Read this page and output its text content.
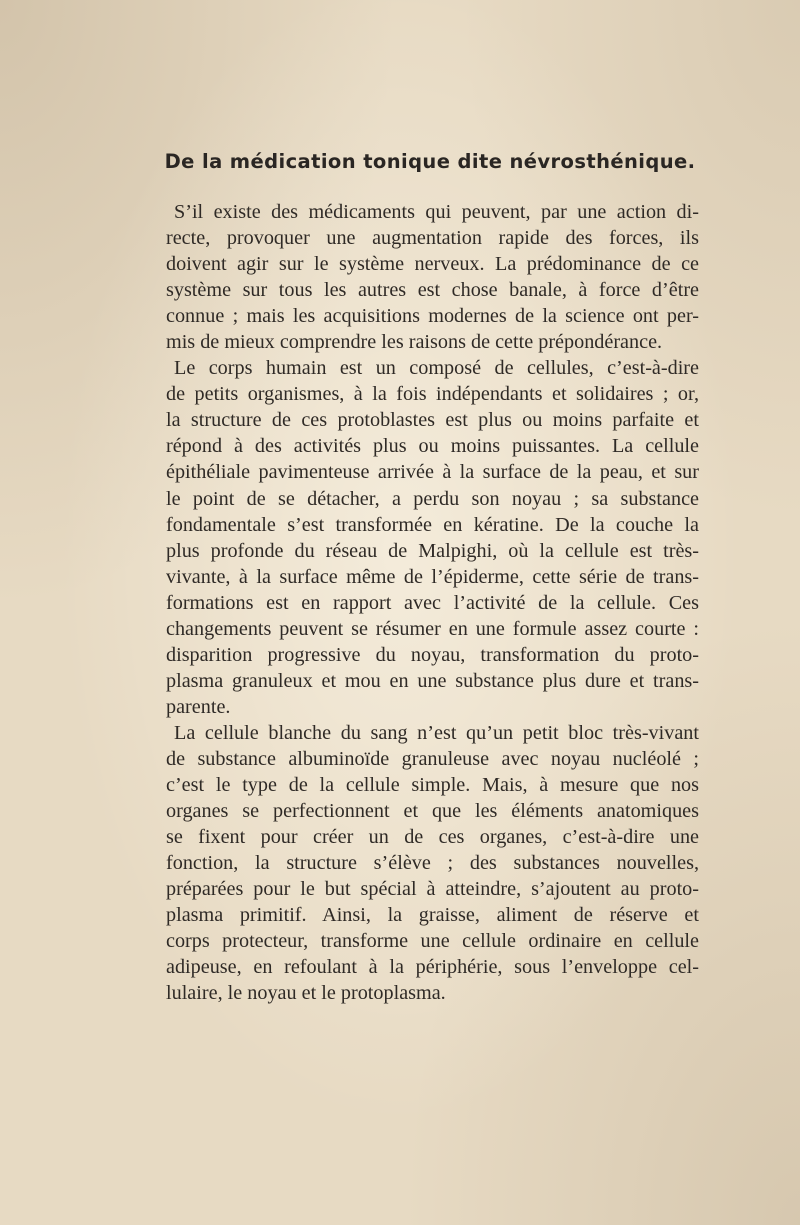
De la médication tonique dite névrosthénique.
S’il existe des médicaments qui peuvent, par une action di-
recte, provoquer une augmentation rapide des forces, ils
doivent agir sur le système nerveux. La prédominance de ce
système sur tous les autres est chose banale, à force d’être
connue ; mais les acquisitions modernes de la science ont per-
mis de mieux comprendre les raisons de cette prépondérance.
Le corps humain est un composé de cellules, c’est-à-dire
de petits organismes, à la fois indépendants et solidaires ; or,
la structure de ces protoblastes est plus ou moins parfaite et
répond à des activités plus ou moins puissantes. La cellule
épithéliale pavimenteuse arrivée à la surface de la peau, et sur
le point de se détacher, a perdu son noyau ; sa substance
fondamentale s’est transformée en kératine. De la couche la
plus profonde du réseau de Malpighi, où la cellule est très-
vivante, à la surface même de l’épiderme, cette série de trans-
formations est en rapport avec l’activité de la cellule. Ces
changements peuvent se résumer en une formule assez courte :
disparition progressive du noyau, transformation du proto-
plasma granuleux et mou en une substance plus dure et trans-
parente.
La cellule blanche du sang n’est qu’un petit bloc très-vivant
de substance albuminoïde granuleuse avec noyau nucléolé ;
c’est le type de la cellule simple. Mais, à mesure que nos
organes se perfectionnent et que les éléments anatomiques
se fixent pour créer un de ces organes, c’est-à-dire une
fonction, la structure s’élève ; des substances nouvelles,
préparées pour le but spécial à atteindre, s’ajoutent au proto-
plasma primitif. Ainsi, la graisse, aliment de réserve et
corps protecteur, transforme une cellule ordinaire en cellule
adipeuse, en refoulant à la périphérie, sous l’enveloppe cel-
lulaire, le noyau et le protoplasma.
